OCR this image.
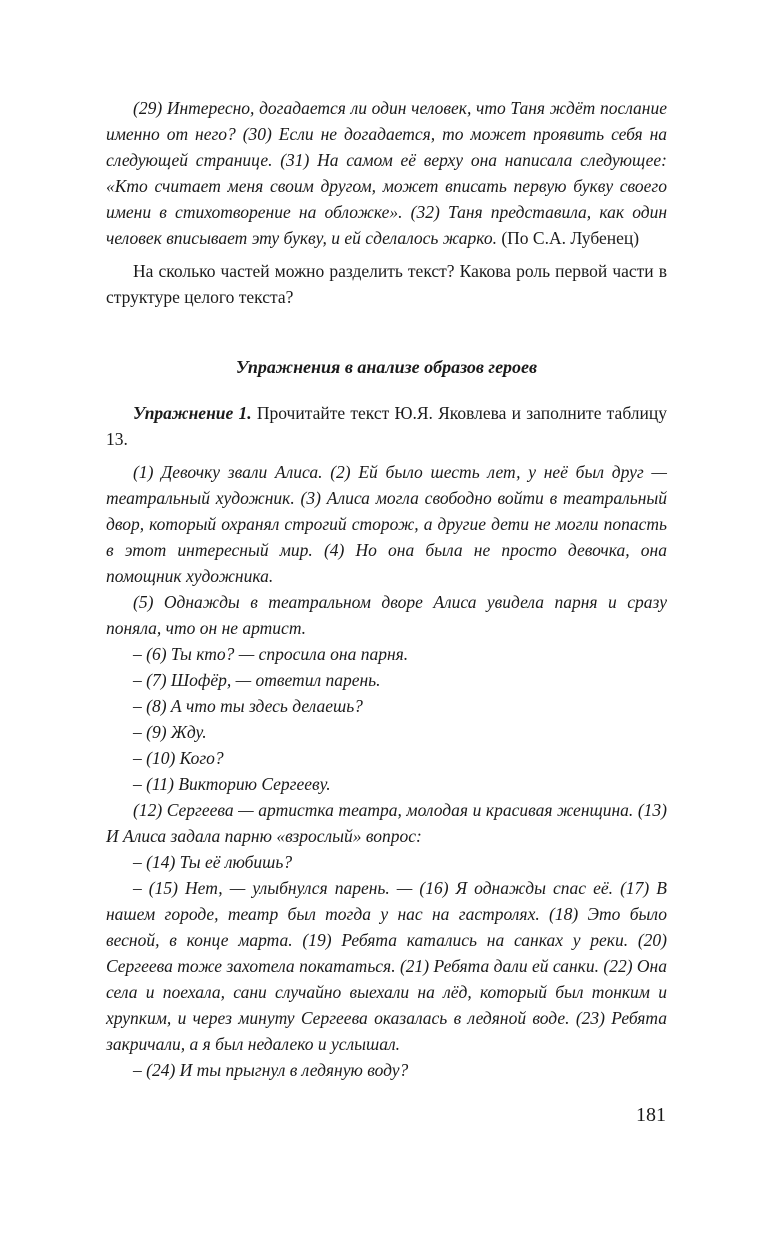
(29) Интересно, догадается ли один человек, что Таня ждёт послание именно от него? (30) Если не догадается, то может проявить себя на следующей странице. (31) На самом её верху она написала следующее: «Кто считает меня своим другом, может вписать первую букву своего имени в стихотворение на обложке». (32) Таня представила, как один человек вписывает эту букву, и ей сделалось жарко. (По С.А. Лубенец)

На сколько частей можно разделить текст? Какова роль первой части в структуре целого текста?

Упражнения в анализе образов героев

Упражнение 1. Прочитайте текст Ю.Я. Яковлева и заполните таблицу 13.

(1) Девочку звали Алиса. (2) Ей было шесть лет, у неё был друг — театральный художник. (3) Алиса могла свободно войти в театральный двор, который охранял строгий сторож, а другие дети не могли попасть в этот интересный мир. (4) Но она была не просто девочка, она помощник художника.

(5) Однажды в театральном дворе Алиса увидела парня и сразу поняла, что он не артист.

– (6) Ты кто? — спросила она парня.

– (7) Шофёр, — ответил парень.

– (8) А что ты здесь делаешь?

– (9) Жду.

– (10) Кого?

– (11) Викторию Сергееву.

(12) Сергеева — артистка театра, молодая и красивая женщина. (13) И Алиса задала парню «взрослый» вопрос:

– (14) Ты её любишь?

– (15) Нет, — улыбнулся парень. — (16) Я однажды спас её. (17) В нашем городе, театр был тогда у нас на гастролях. (18) Это было весной, в конце марта. (19) Ребята катались на санках у реки. (20) Сергеева тоже захотела покататься. (21) Ребята дали ей санки. (22) Она села и поехала, сани случайно выехали на лёд, который был тонким и хрупким, и через минуту Сергеева оказалась в ледяной воде. (23) Ребята закричали, а я был недалеко и услышал.

– (24) И ты прыгнул в ледяную воду?

181
